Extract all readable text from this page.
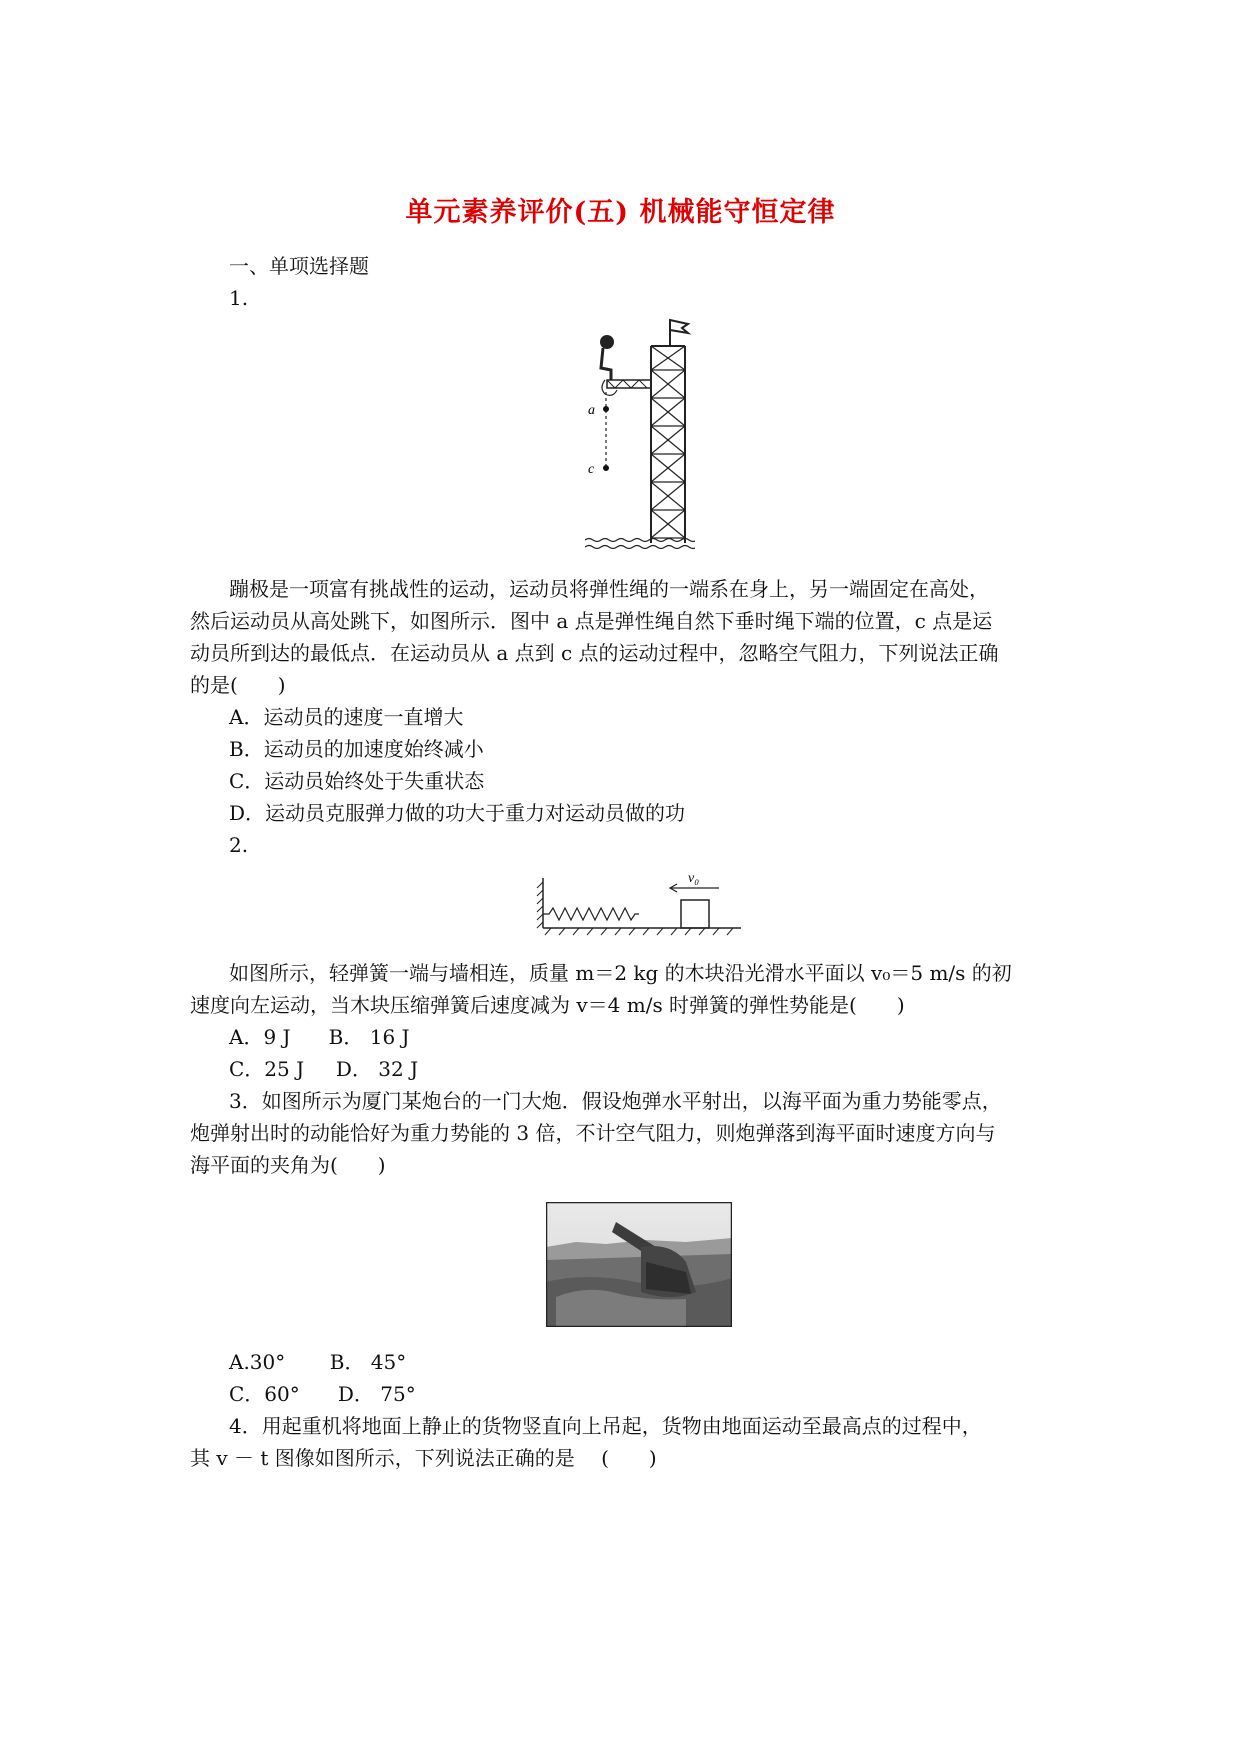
单元素养评价(五) 机械能守恒定律
一、单项选择题
1.
a
c
蹦极是一项富有挑战性的运动，运动员将弹性绳的一端系在身上，另一端固定在高处，
然后运动员从高处跳下，如图所示．图中 a 点是弹性绳自然下垂时绳下端的位置，c 点是运
动员所到达的最低点．在运动员从 a 点到 c 点的运动过程中，忽略空气阻力，下列说法正确
的是(　　)
A．运动员的速度一直增大
B．运动员的加速度始终减小
C．运动员始终处于失重状态
D．运动员克服弹力做的功大于重力对运动员做的功
2.
v₀
如图所示，轻弹簧一端与墙相连，质量 m＝2 kg 的木块沿光滑水平面以 v₀＝5 m/s 的初
速度向左运动，当木块压缩弹簧后速度减为 v＝4 m/s 时弹簧的弹性势能是(　　)
A．9 J      B． 16 J
C．25 J     D． 32 J
3．如图所示为厦门某炮台的一门大炮．假设炮弹水平射出，以海平面为重力势能零点，
炮弹射出时的动能恰好为重力势能的 3 倍，不计空气阻力，则炮弹落到海平面时速度方向与
海平面的夹角为(　　)
A.30°       B． 45°
C．60°      D． 75°
4．用起重机将地面上静止的货物竖直向上吊起，货物由地面运动至最高点的过程中，
其 v － t 图像如图所示，下列说法正确的是　 (　　)
